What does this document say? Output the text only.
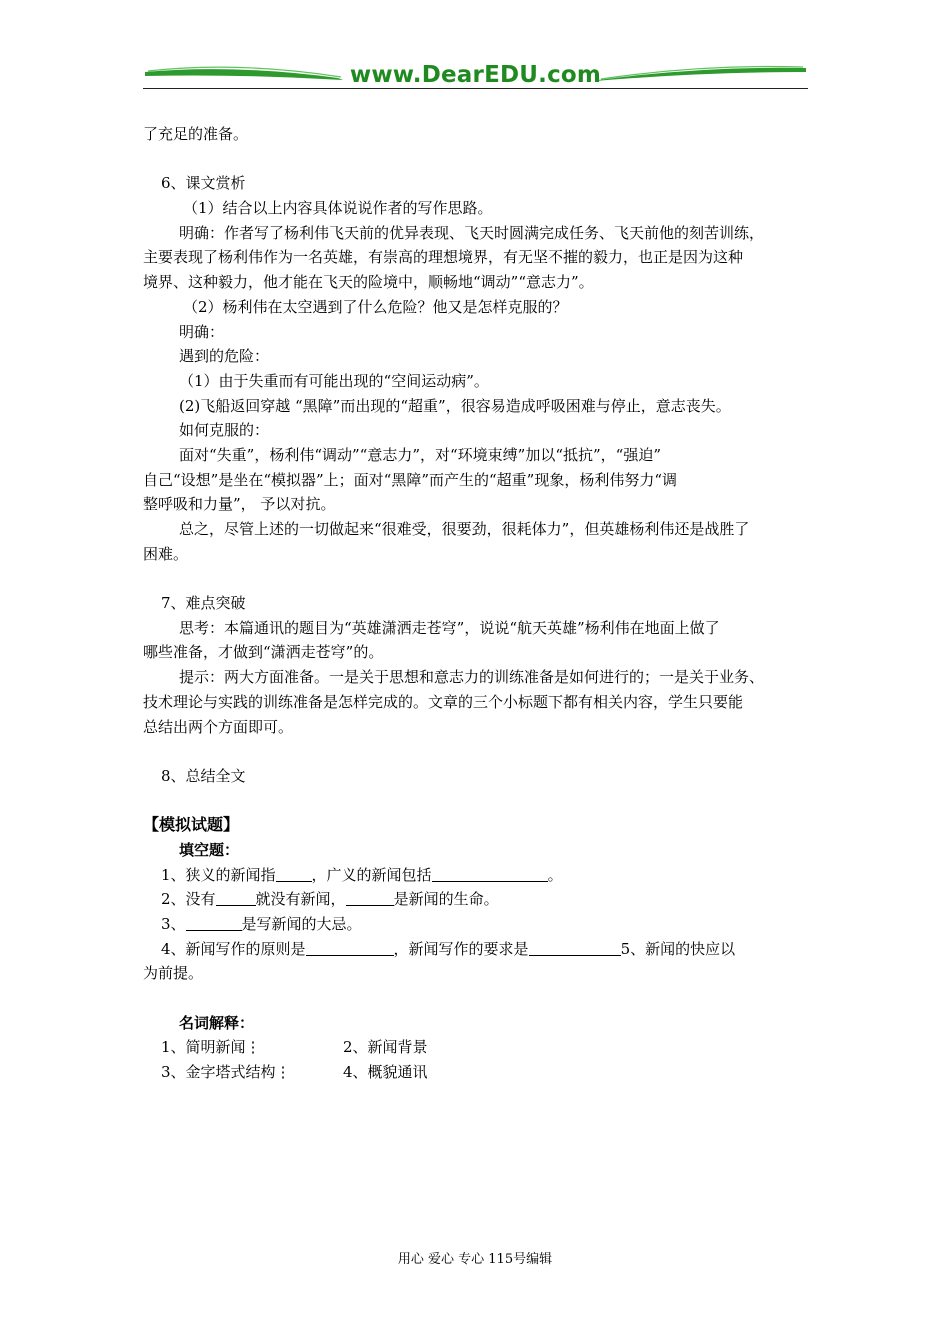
www.DearEDU.com
了充足的准备。
6、课文赏析
（1）结合以上内容具体说说作者的写作思路。
明确：作者写了杨利伟飞天前的优异表现、飞天时圆满完成任务、飞天前他的刻苦训练，
主要表现了杨利伟作为一名英雄，有崇高的理想境界，有无坚不摧的毅力，也正是因为这种
境界、这种毅力，他才能在飞天的险境中，顺畅地“调动”“意志力”。
（2）杨利伟在太空遇到了什么危险？他又是怎样克服的？
明确：
遇到的危险：
（1）由于失重而有可能出现的“空间运动病”。
(2)飞船返回穿越 “黑障”而出现的“超重”，很容易造成呼吸困难与停止，意志丧失。
如何克服的：
面对“失重”，杨利伟“调动”“意志力”，对“环境束缚”加以“抵抗”，“强迫”
自己“设想”是坐在“模拟器”上；面对“黑障”而产生的“超重”现象，杨利伟努力“调
整呼吸和力量”， 予以对抗。
总之，尽管上述的一切做起来“很难受，很要劲，很耗体力”，但英雄杨利伟还是战胜了
困难。
7、难点突破
思考：本篇通讯的题目为“英雄潇洒走苍穹”，说说“航天英雄”杨利伟在地面上做了
哪些准备，才做到“潇洒走苍穹”的。
提示：两大方面准备。一是关于思想和意志力的训练准备是如何进行的；一是关于业务、
技术理论与实践的训练准备是怎样完成的。文章的三个小标题下都有相关内容，学生只要能
总结出两个方面即可。
8、总结全文
【模拟试题】
填空题：
1、狭义的新闻指 ，广义的新闻包括	。
2、没有	就没有新闻，	是新闻的生命。
3、	是写新闻的大忌。
4、新闻写作的原则是	，新闻写作的要求是	5、新闻的快应以
为前提。
名词解释：
1、简明新闻⋮	2、新闻背景
3、金字塔式结构⋮	4、概貌通讯
用心 爱心 专心 115号编辑
